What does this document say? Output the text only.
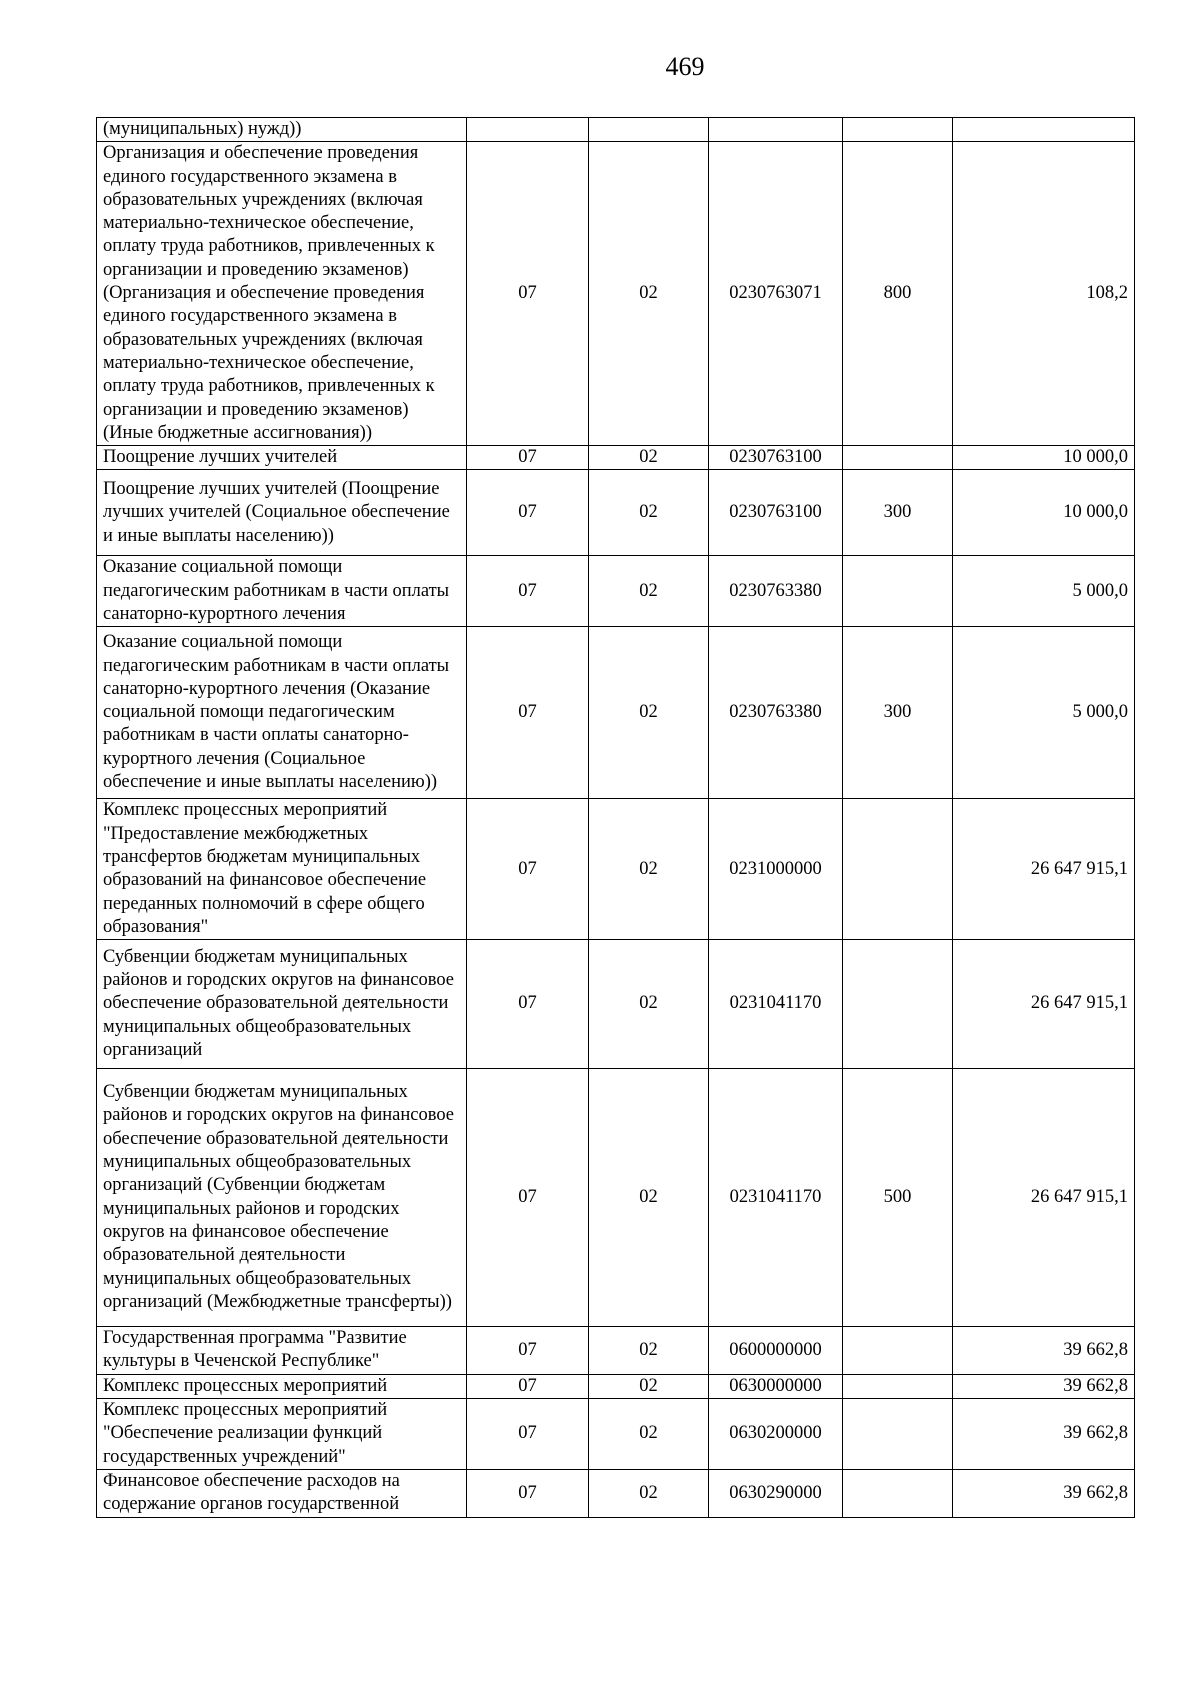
469
(муниципальных) нужд))					
Организация и обеспечение проведения единого государственного экзамена в образовательных учреждениях (включая материально-техническое обеспечение, оплату труда работников, привлеченных к организации и проведению экзаменов) (Организация и обеспечение проведения единого государственного экзамена в образовательных учреждениях (включая материально-техническое обеспечение, оплату труда работников, привлеченных к организации и проведению экзаменов) (Иные бюджетные ассигнования))	07	02	0230763071	800	108,2
Поощрение лучших учителей	07	02	0230763100		10 000,0
Поощрение лучших учителей (Поощрение лучших учителей (Социальное обеспечение и иные выплаты населению))	07	02	0230763100	300	10 000,0
Оказание социальной помощи педагогическим работникам в части оплаты санаторно-курортного лечения	07	02	0230763380		5 000,0
Оказание социальной помощи педагогическим работникам в части оплаты санаторно-курортного лечения (Оказание социальной помощи педагогическим работникам в части оплаты санаторно-курортного лечения (Социальное обеспечение и иные выплаты населению))	07	02	0230763380	300	5 000,0
Комплекс процессных мероприятий "Предоставление межбюджетных трансфертов бюджетам муниципальных образований на финансовое обеспечение переданных полномочий в сфере общего образования"	07	02	0231000000		26 647 915,1
Субвенции бюджетам муниципальных районов и городских округов на финансовое обеспечение образовательной деятельности муниципальных общеобразовательных организаций	07	02	0231041170		26 647 915,1
Субвенции бюджетам муниципальных районов и городских округов на финансовое обеспечение образовательной деятельности муниципальных общеобразовательных организаций (Субвенции бюджетам муниципальных районов и городских округов на финансовое обеспечение образовательной деятельности муниципальных общеобразовательных организаций (Межбюджетные трансферты))	07	02	0231041170	500	26 647 915,1
Государственная программа "Развитие культуры в Чеченской Республике"	07	02	0600000000		39 662,8
Комплекс процессных мероприятий	07	02	0630000000		39 662,8
Комплекс процессных мероприятий "Обеспечение реализации функций государственных учреждений"	07	02	0630200000		39 662,8
Финансовое обеспечение расходов на содержание органов государственной	07	02	0630290000		39 662,8
